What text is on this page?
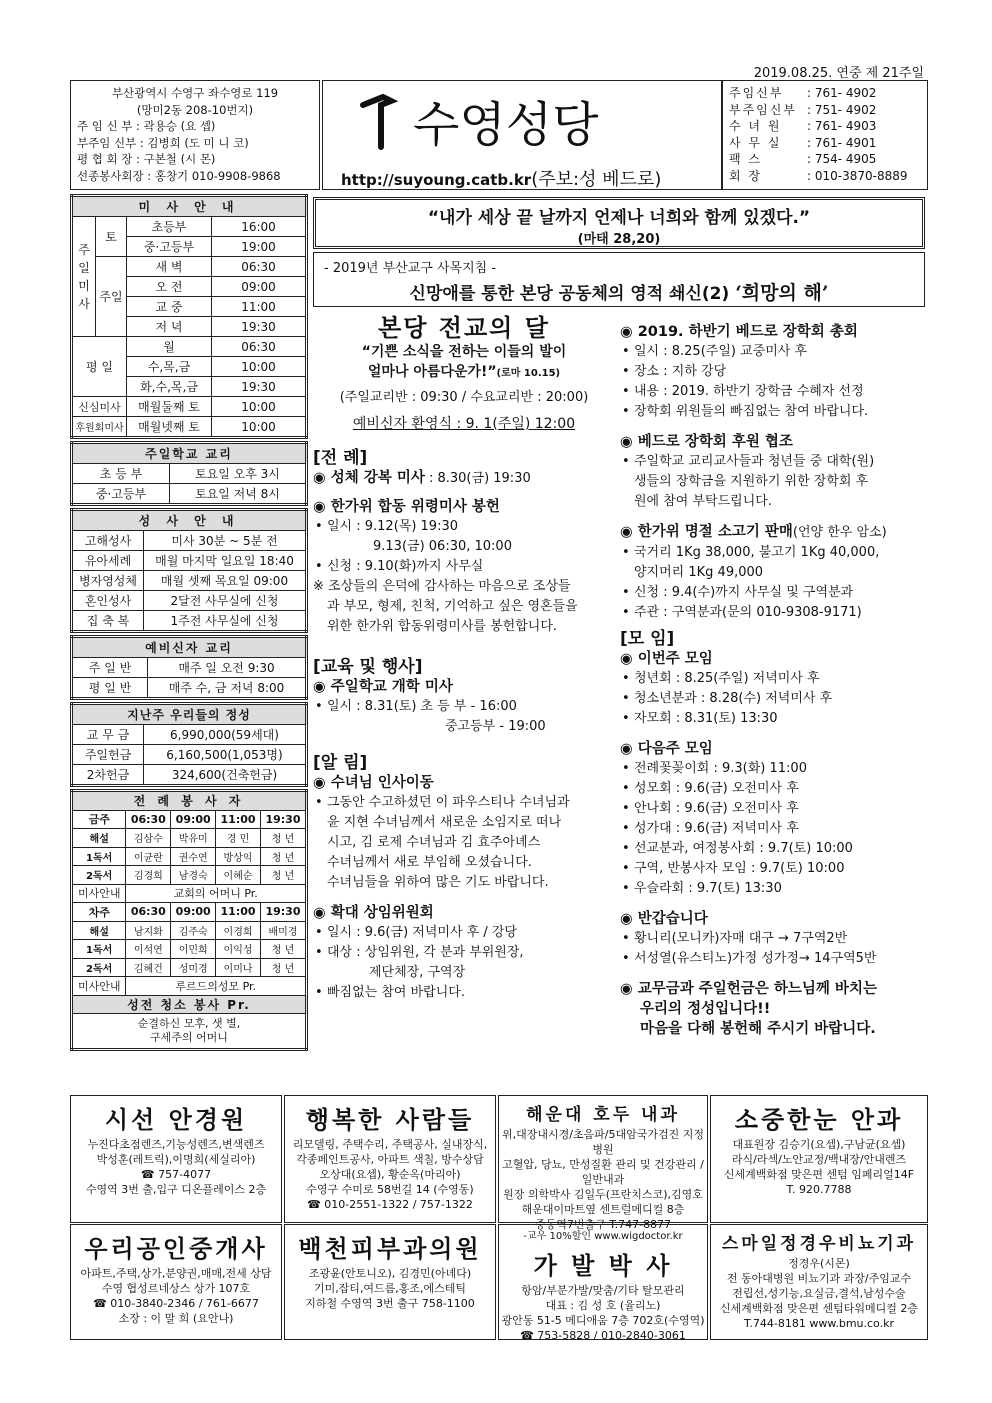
2019.08.25. 연중 제 21주일
부산광역시 수영구 좌수영로 119
(망미2동 208-10번지)
주 임 신 부 : 곽용승 (요 셉)
부주임 신부 : 김병희 (도 미 니 코)
평 협 회 장 : 구본철 (시 몬)
선종봉사회장 : 홍창기 010-9908-9868
수영성당
http://suyoung.catb.kr(주보:성 베드로)
주임신부	: 761- 4902
부주임신부 : 751- 4902
수 녀 원	: 761- 4903
사 무 실	: 761- 4901
팩 스	: 754- 4905
회 장	: 010-3870-8889
미 사 안 내
주일미사	토	
초등부	16:00

중·고등부	19:00

주일	
새 벽	06:30

오 전	09:00

교 중	11:00

저 녁	19:30

평 일	
월	06:30

수,목,금	10:00

화,수,목,금	19:30

신심미사	매월둘째 토	10:00

후원회미사	매월넷째 토	10:00
주일학교 교리	
초 등 부	토요일 오후 3시
중·고등부	토요일 저녁 8시
성 사 안 내	
고해성사	미사 30분 ~ 5분 전
유아세례	매월 마지막 일요일 18:40
병자영성체	매월 셋째 목요일 09:00
혼인성사	2달전 사무실에 신청
집 축 복	1주전 사무실에 신청
예비신자 교리	
주 일 반	매주 일 오전 9:30
평 일 반	매주 수, 금 저녁 8:00
지난주 우리들의 정성	
교 무 금	6,990,000(59세대)
주일헌금	6,160,500(1,053명)
2차헌금	324,600(건축헌금)
전 례 봉 사 자				
금주	06:30	09:00	11:00	19:30
해설	김삼수	박유미	경 민	청 년
1독서	이균란	권수연	방상익	청 년
2독서	김경희	남경숙	이혜순	청 년
미사안내	교회의 어머니 Pr.			
차주	06:30	09:00	11:00	19:30
해설	남지화	김주숙	이경희	배미경
1독서	이석연	이민희	이익성	청 년
2독서	김혜건	성미경	이미나	청 년
미사안내	루르드의성모 Pr.			
성전 청소 봉사 Pr.				
순결하신 모후, 샛 별,
구세주의 어머니				
“내가 세상 끝 날까지 언제나 너희와 함께 있겠다.”
(마태 28,20)
- 2019년 부산교구 사목지침 -
신망애를 통한 본당 공동체의 영적 쇄신(2) ‘희망의 해’
본당 전교의 달
“기쁜 소식을 전하는 이들의 발이
얼마나 아름다운가!”(로마 10.15)
(주일교리반 : 09:30 / 수요교리반 : 20:00)
예비신자 환영식 : 9. 1(주일) 12:00
[전 례]
◉ 성체 강복 미사 : 8.30(금) 19:30
◉ 한가위 합동 위령미사 봉헌
• 일시 : 9.12(목) 19:30
9.13(금) 06:30, 10:00
• 신청 : 9.10(화)까지 사무실
※ 조상들의 은덕에 감사하는 마음으로 조상들
과 부모, 형제, 친척, 기억하고 싶은 영혼들을
위한 한가위 합동위령미사를 봉헌합니다.
[교육 및 행사]
◉ 주일학교 개학 미사
• 일시 : 8.31(토) 초 등 부 - 16:00
중고등부 - 19:00
[알 림]
◉ 수녀님 인사이동
• 그동안 수고하셨던 이 파우스티나 수녀님과
윤 지현 수녀님께서 새로운 소임지로 떠나
시고, 김 로제 수녀님과 김 효주아녜스
수녀님께서 새로 부임해 오셨습니다.
수녀님들을 위하여 많은 기도 바랍니다.
◉ 확대 상임위원회
• 일시 : 9.6(금) 저녁미사 후 / 강당
• 대상 : 상임위원, 각 분과 부위원장,
제단체장, 구역장
• 빠짐없는 참여 바랍니다.
◉ 2019. 하반기 베드로 장학회 총회
• 일시 : 8.25(주일) 교중미사 후
• 장소 : 지하 강당
• 내용 : 2019. 하반기 장학금 수혜자 선정
• 장학회 위원들의 빠짐없는 참여 바랍니다.
◉ 베드로 장학회 후원 협조
• 주일학교 교리교사들과 청년들 중 대학(원)
생들의 장학금을 지원하기 위한 장학회 후
원에 참여 부탁드립니다.
◉ 한가위 명절 소고기 판매(언양 한우 암소)
• 국거리 1Kg 38,000, 불고기 1Kg 40,000,
양지머리 1Kg 49,000
• 신청 : 9.4(수)까지 사무실 및 구역분과
• 주관 : 구역분과(문의 010-9308-9171)
[모 임]
◉ 이번주 모임
• 청년회 : 8.25(주일) 저녁미사 후
• 청소년분과 : 8.28(수) 저녁미사 후
• 자모회 : 8.31(토) 13:30
◉ 다음주 모임
• 전례꽃꽂이회 : 9.3(화) 11:00
• 성모회 : 9.6(금) 오전미사 후
• 안나회 : 9.6(금) 오전미사 후
• 성가대 : 9.6(금) 저녁미사 후
• 선교분과, 여정봉사회 : 9.7(토) 10:00
• 구역, 반봉사자 모임 : 9.7(토) 10:00
• 우슬라회 : 9.7(토) 13:30
◉ 반갑습니다
• 황니리(모니카)자매 대구 → 7구역2반
• 서성열(유스티노)가정 성가정→ 14구역5반
◉ 교무금과 주일헌금은 하느님께 바치는
우리의 정성입니다!!
마음을 다해 봉헌해 주시기 바랍니다.
시선 안경원
누진다초점렌즈,기능성렌즈,변색렌즈
박성훈(레트릭),이명희(세실리아)
☎ 757-4077
수영역 3번 출,입구 디온플레이스 2층
행복한 사람들
리모델링, 주택수리, 주택공사, 실내장식,
각종페인트공사, 아파트 색칠, 방수상담
오상대(요셉), 황순옥(마리아)
수영구 수미로 58번길 14 (수영동)
☎ 010-2551-1322 / 757-1322
해운대 호두 내과
위,대장내시경/초음파/5대암국가검진 지정병원
고혈압, 당뇨, 만성질환 관리 및 건강관리 / 일반내과
원장 의학박사 김일두(프란치스코),김영호
해운대이마트옆 센트럴메디컬 8층
중동역7번출구 T.747-8877
소중한눈 안과
대표원장 김승기(요셉),구남균(요셉)
라식/라섹/노안교정/백내장/안내렌즈
신세계백화점 맞은편 센텀 임페리얼14F
T. 920.7788
우리공인중개사
아파트,주택,상가,분양권,매매,전세 상담
수영 협성르네상스 상가 107호
☎ 010-3840-2346 / 761-6677
소장 : 이 말 희 (요안나)
백천피부과의원
조광윤(안토니오), 김경민(아녜다)
기미,잡티,여드름,홍조,에스테틱
지하철 수영역 3번 출구 758-1100
-교우 10%할인 www.wigdoctor.kr
가 발 박 사
항암/부분가발/맞춤/기타 탈모관리
대표 : 김 성 호 (율리노)
광안동 51-5 메디애움 7층 702호(수영역)
☎ 753-5828 / 010-2840-3061
스마일정경우비뇨기과
정경우(시몬)
전 동아대병원 비뇨기과 과장/주임교수
전립선,성기능,요실금,결석,남성수술
신세계백화점 맞은편 센텀타워메디컬 2층
T.744-8181 www.bmu.co.kr
